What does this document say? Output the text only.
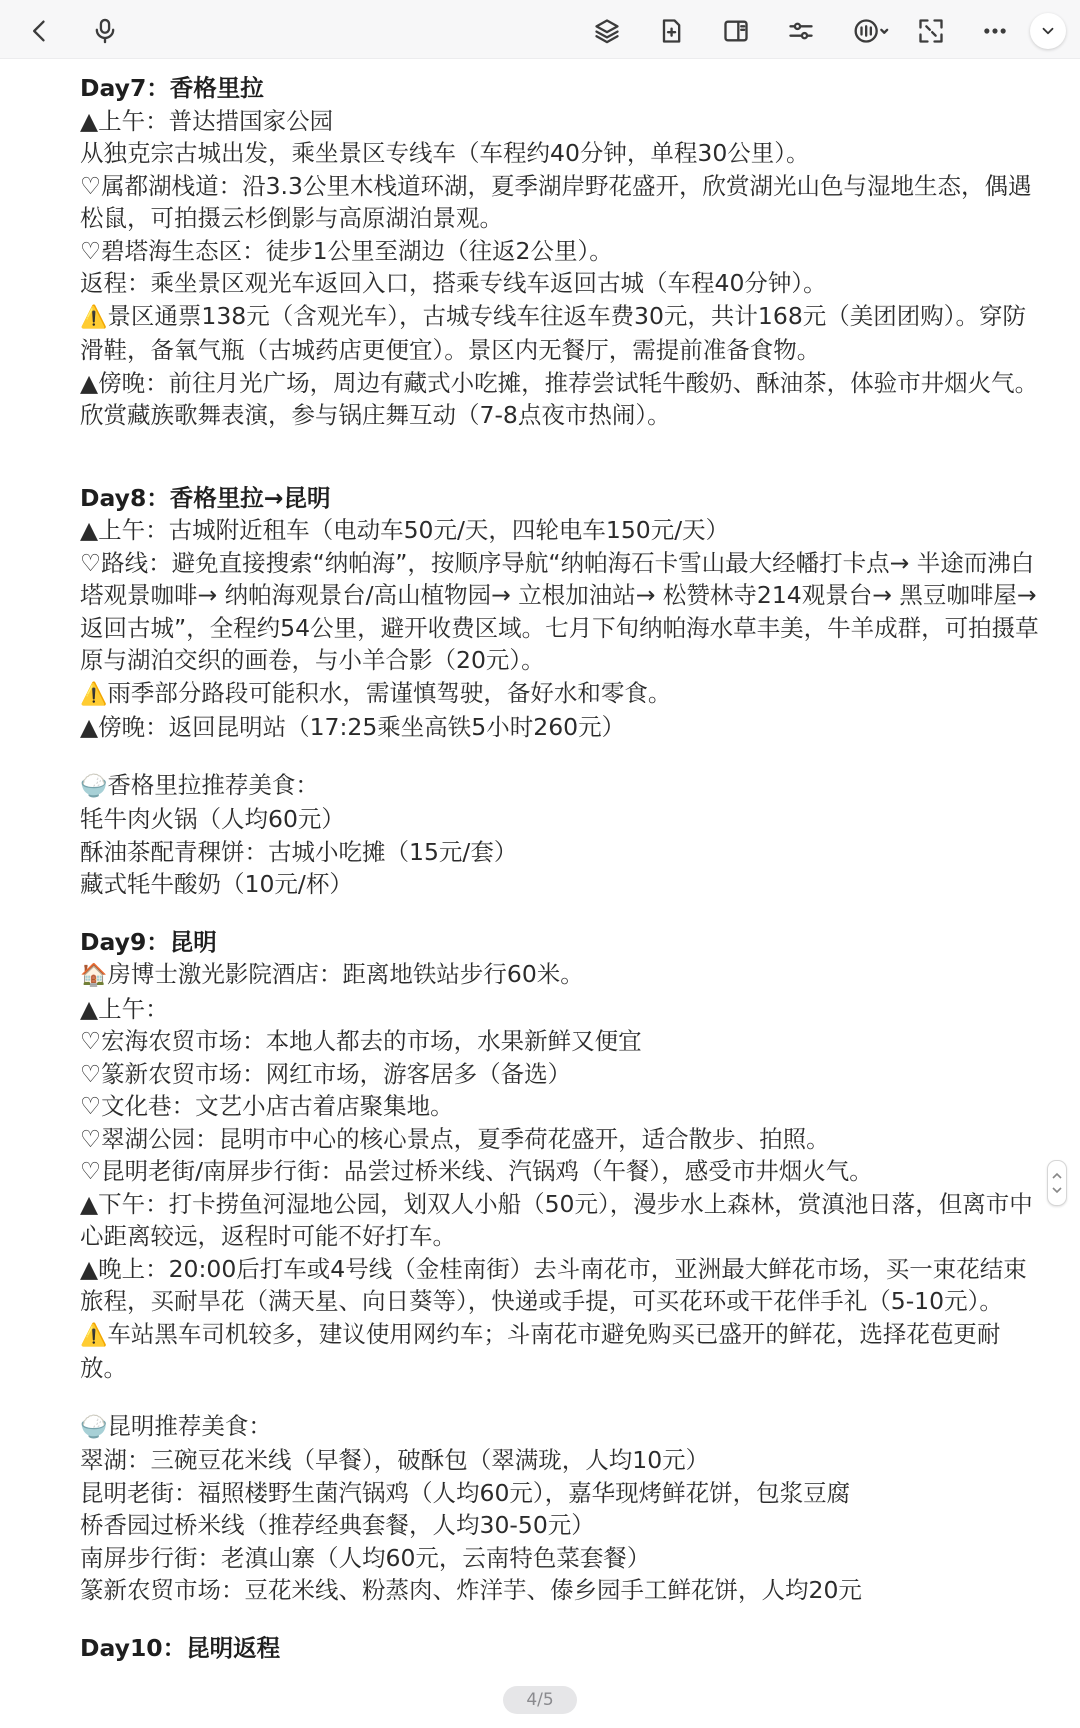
Day7：香格里拉

▲上午：普达措国家公园

从独克宗古城出发，乘坐景区专线车（车程约40分钟，单程30公里）。

♡属都湖栈道：沿3.3公里木栈道环湖，夏季湖岸野花盛开，欣赏湖光山色与湿地生态，偶遇松鼠，可拍摄云杉倒影与高原湖泊景观。

♡碧塔海生态区：徒步1公里至湖边（往返2公里）。

返程：乘坐景区观光车返回入口，搭乘专线车返回古城（车程40分钟）。

⚠️景区通票138元（含观光车），古城专线车往返车费30元，共计168元（美团团购）。穿防滑鞋，备氧气瓶（古城药店更便宜）。景区内无餐厅，需提前准备食物。

▲傍晚：前往月光广场，周边有藏式小吃摊，推荐尝试牦牛酸奶、酥油茶，体验市井烟火气。欣赏藏族歌舞表演，参与锅庄舞互动（7-8点夜市热闹）。

Day8：香格里拉→昆明

▲上午：古城附近租车（电动车50元/天，四轮电车150元/天）

♡路线：避免直接搜索“纳帕海”，按顺序导航“纳帕海石卡雪山最大经幡打卡点→ 半途而沸白塔观景咖啡→ 纳帕海观景台/高山植物园→ 立根加油站→ 松赞林寺214观景台→ 黑豆咖啡屋→ 返回古城”，全程约54公里，避开收费区域。七月下旬纳帕海水草丰美，牛羊成群，可拍摄草原与湖泊交织的画卷，与小羊合影（20元）。

⚠️雨季部分路段可能积水，需谨慎驾驶，备好水和零食。

▲傍晚：返回昆明站（17:25乘坐高铁5小时260元）

🍚香格里拉推荐美食：

牦牛肉火锅（人均60元）

酥油茶配青稞饼：古城小吃摊（15元/套）

藏式牦牛酸奶（10元/杯）

Day9：昆明

🏠房博士激光影院酒店：距离地铁站步行60米。

▲上午：

♡宏海农贸市场：本地人都去的市场，水果新鲜又便宜

♡篆新农贸市场：网红市场，游客居多（备选）

♡文化巷：文艺小店古着店聚集地。

♡翠湖公园：昆明市中心的核心景点，夏季荷花盛开，适合散步、拍照。

♡昆明老街/南屏步行街：品尝过桥米线、汽锅鸡（午餐），感受市井烟火气。

▲下午：打卡捞鱼河湿地公园，划双人小船（50元），漫步水上森林，赏滇池日落，但离市中心距离较远，返程时可能不好打车。

▲晚上：20:00后打车或4号线（金桂南街）去斗南花市，亚洲最大鲜花市场，买一束花结束旅程，买耐旱花（满天星、向日葵等），快递或手提，可买花环或干花伴手礼（5-10元）。

⚠️车站黑车司机较多，建议使用网约车；斗南花市避免购买已盛开的鲜花，选择花苞更耐放。

🍚昆明推荐美食：

翠湖：三碗豆花米线（早餐），破酥包（翠满珑，人均10元）

昆明老街：福照楼野生菌汽锅鸡（人均60元），嘉华现烤鲜花饼，包浆豆腐

桥香园过桥米线（推荐经典套餐，人均30-50元）

南屏步行街：老滇山寨（人均60元，云南特色菜套餐）

篆新农贸市场：豆花米线、粉蒸肉、炸洋芋、傣乡园手工鲜花饼，人均20元

Day10：昆明返程

4/5
